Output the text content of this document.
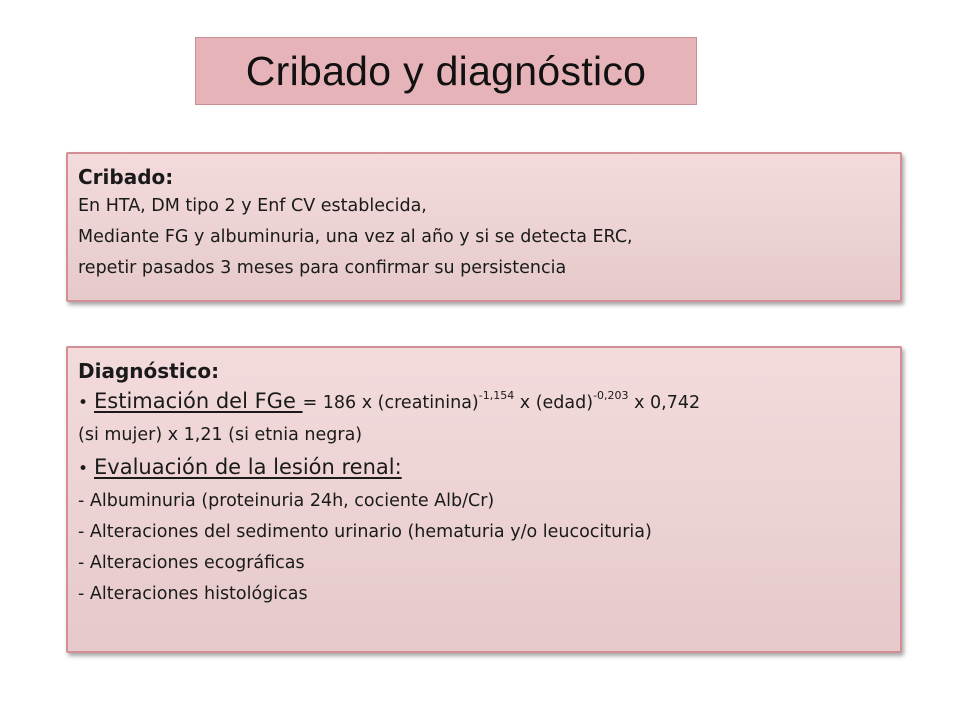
Cribado y diagnóstico
Cribado:
En HTA, DM tipo 2 y Enf CV establecida,
Mediante FG y albuminuria, una vez al año y si se detecta ERC,
repetir pasados 3 meses para confirmar su persistencia
Diagnóstico:
• Estimación del FGe = 186 x (creatinina)$^{-1,154}$ x (edad)$^{-0,203}$ x 0,742
(si mujer) x 1,21 (si etnia negra)
• Evaluación de la lesión renal:
- Albuminuria (proteinuria 24h, cociente Alb/Cr)
- Alteraciones del sedimento urinario (hematuria y/o leucocituria)
- Alteraciones ecográficas
- Alteraciones histológicas
